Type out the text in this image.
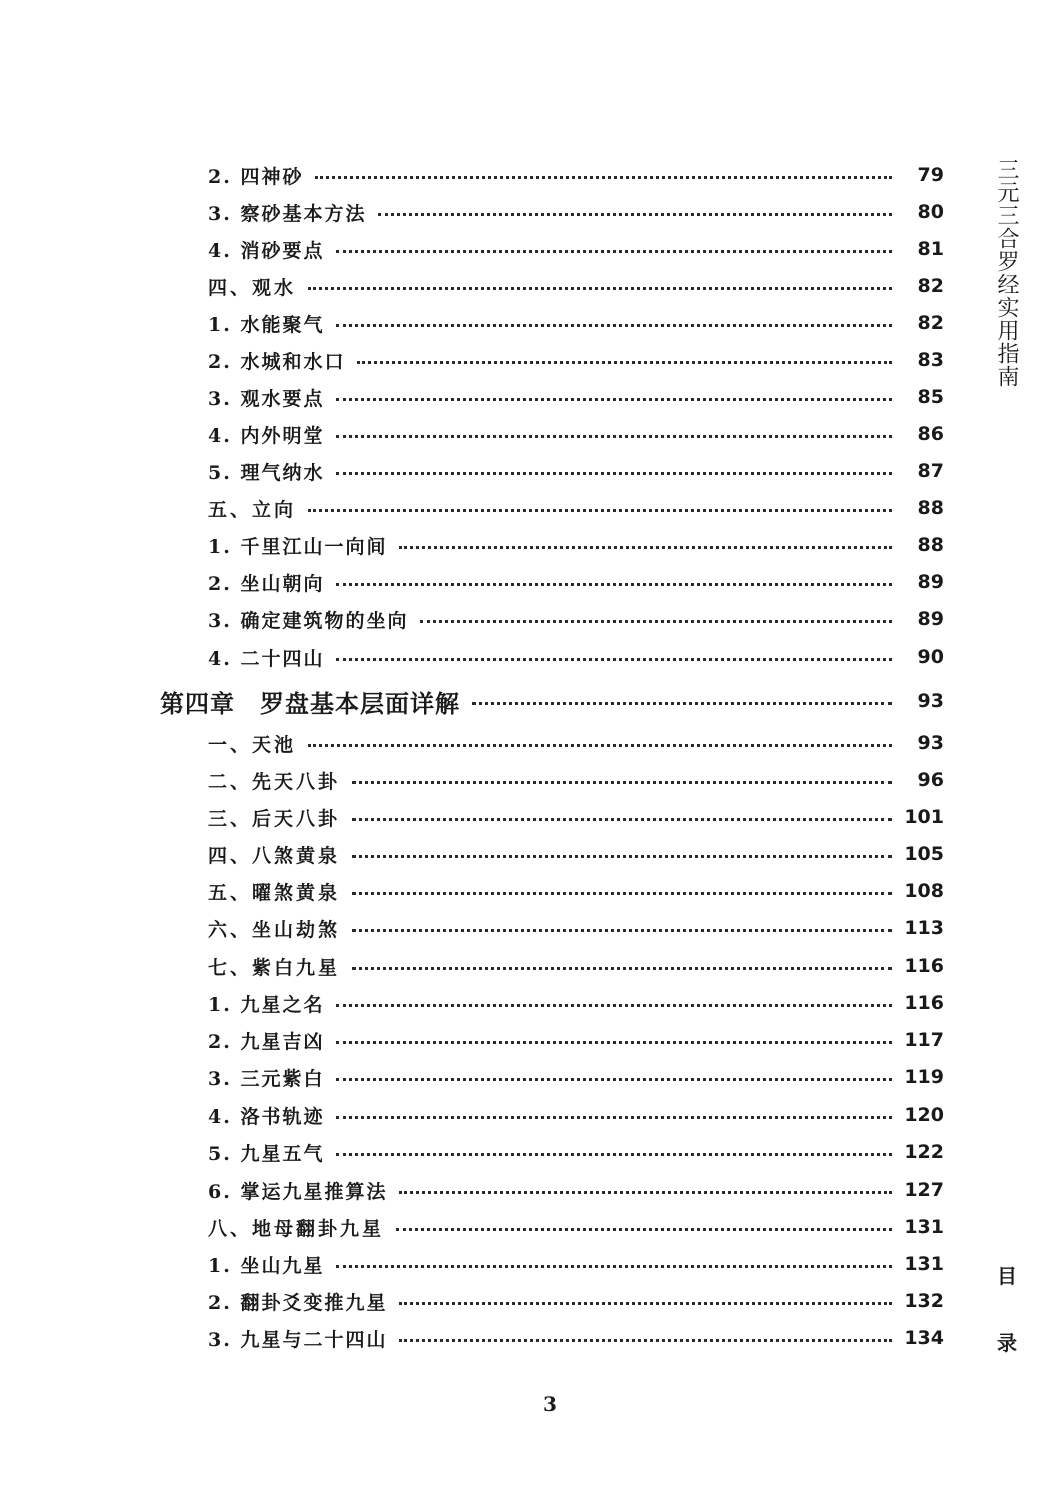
2. 四神砂	79
3. 察砂基本方法	80
4. 消砂要点	81
四、观水	82
1. 水能聚气	82
2. 水城和水口	83
3. 观水要点	85
4. 内外明堂	86
5. 理气纳水	87
五、立向	88
1. 千里江山一向间	88
2. 坐山朝向	89
3. 确定建筑物的坐向	89
4. 二十四山	90
第四章　罗盘基本层面详解	93
一、天池	93
二、先天八卦	96
三、后天八卦	101
四、八煞黄泉	105
五、曜煞黄泉	108
六、坐山劫煞	113
七、紫白九星	116
1. 九星之名	116
2. 九星吉凶	117
3. 三元紫白	119
4. 洛书轨迹	120
5. 九星五气	122
6. 掌运九星推算法	127
八、地母翻卦九星	131
1. 坐山九星	131
2. 翻卦爻变推九星	132
3. 九星与二十四山	134
三元三合罗经实用指南
目
录
3
